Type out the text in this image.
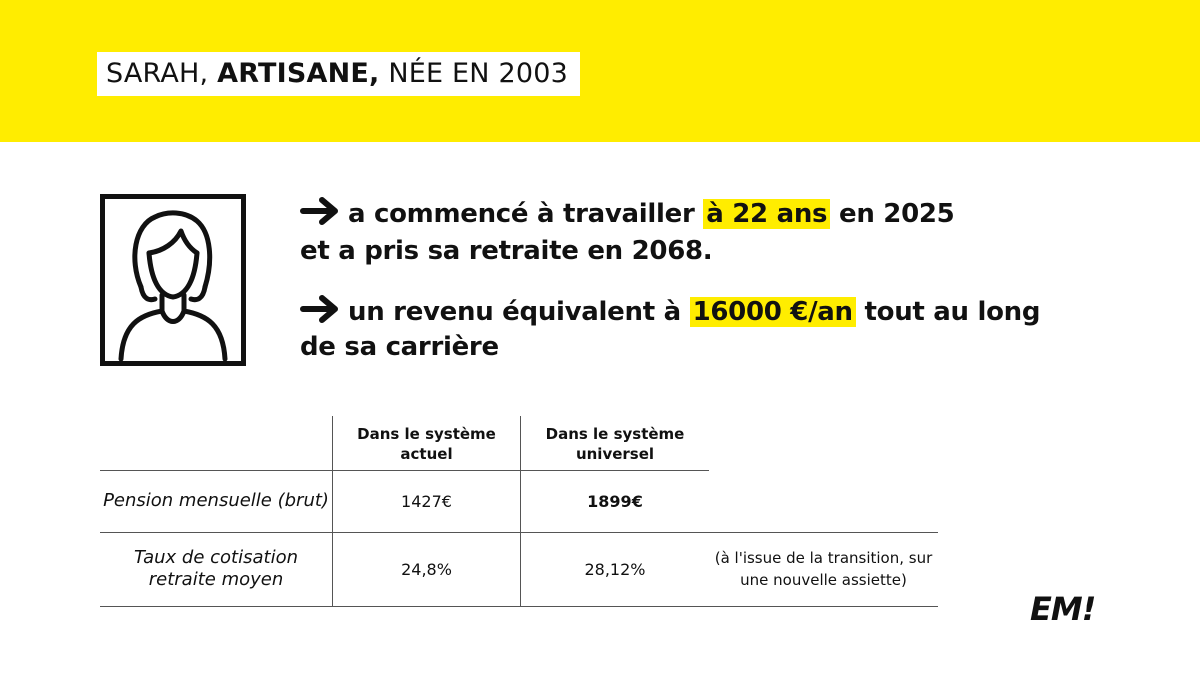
SARAH, ARTISANE, NÉE EN 2003
a commencé à travailler à 22 ans en 2025
et a pris sa retraite en 2068.
un revenu équivalent à 16000 €/an tout au long
de sa carrière
	Dans le système actuel	Dans le système universel	
Pension mensuelle (brut)	1427€	1899€	
Taux de cotisation retraite moyen	24,8%	28,12%	(à l'issue de la transition, sur une nouvelle assiette)
EM!
